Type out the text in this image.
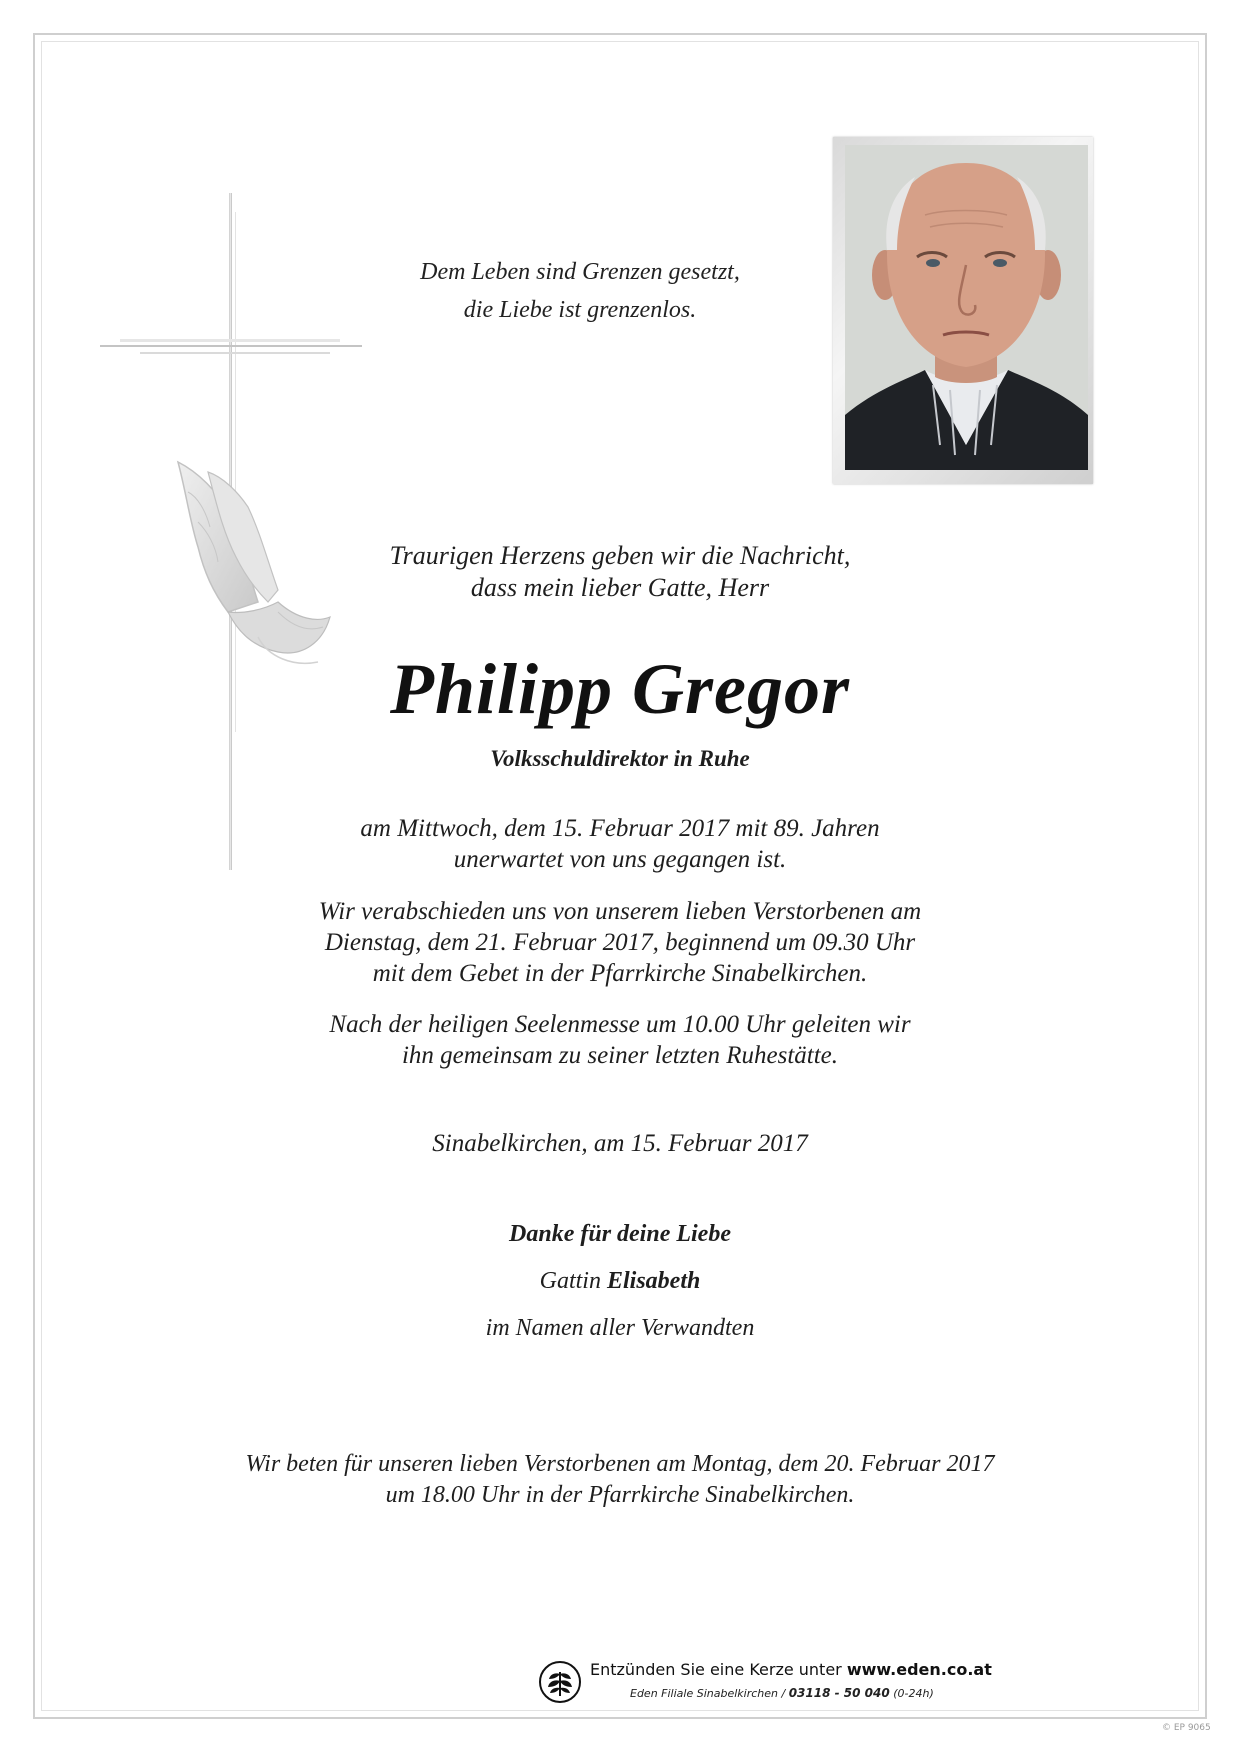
Dem Leben sind Grenzen gesetzt,
die Liebe ist grenzenlos.
Traurigen Herzens geben wir die Nachricht,
dass mein lieber Gatte, Herr
Philipp Gregor
Volksschuldirektor in Ruhe
am Mittwoch, dem 15. Februar 2017 mit 89. Jahren
unerwartet von uns gegangen ist.
Wir verabschieden uns von unserem lieben Verstorbenen am
Dienstag, dem 21. Februar 2017, beginnend um 09.30 Uhr
mit dem Gebet in der Pfarrkirche Sinabelkirchen.
Nach der heiligen Seelenmesse um 10.00 Uhr geleiten wir
ihn gemeinsam zu seiner letzten Ruhestätte.
Sinabelkirchen, am 15. Februar 2017
Danke für deine Liebe
Gattin Elisabeth
im Namen aller Verwandten
Wir beten für unseren lieben Verstorbenen am Montag, dem 20. Februar 2017
um 18.00 Uhr in der Pfarrkirche Sinabelkirchen.
Entzünden Sie eine Kerze unter www.eden.co.at
Eden Filiale Sinabelkirchen / 03118 - 50 040 (0-24h)
© EP 9065
